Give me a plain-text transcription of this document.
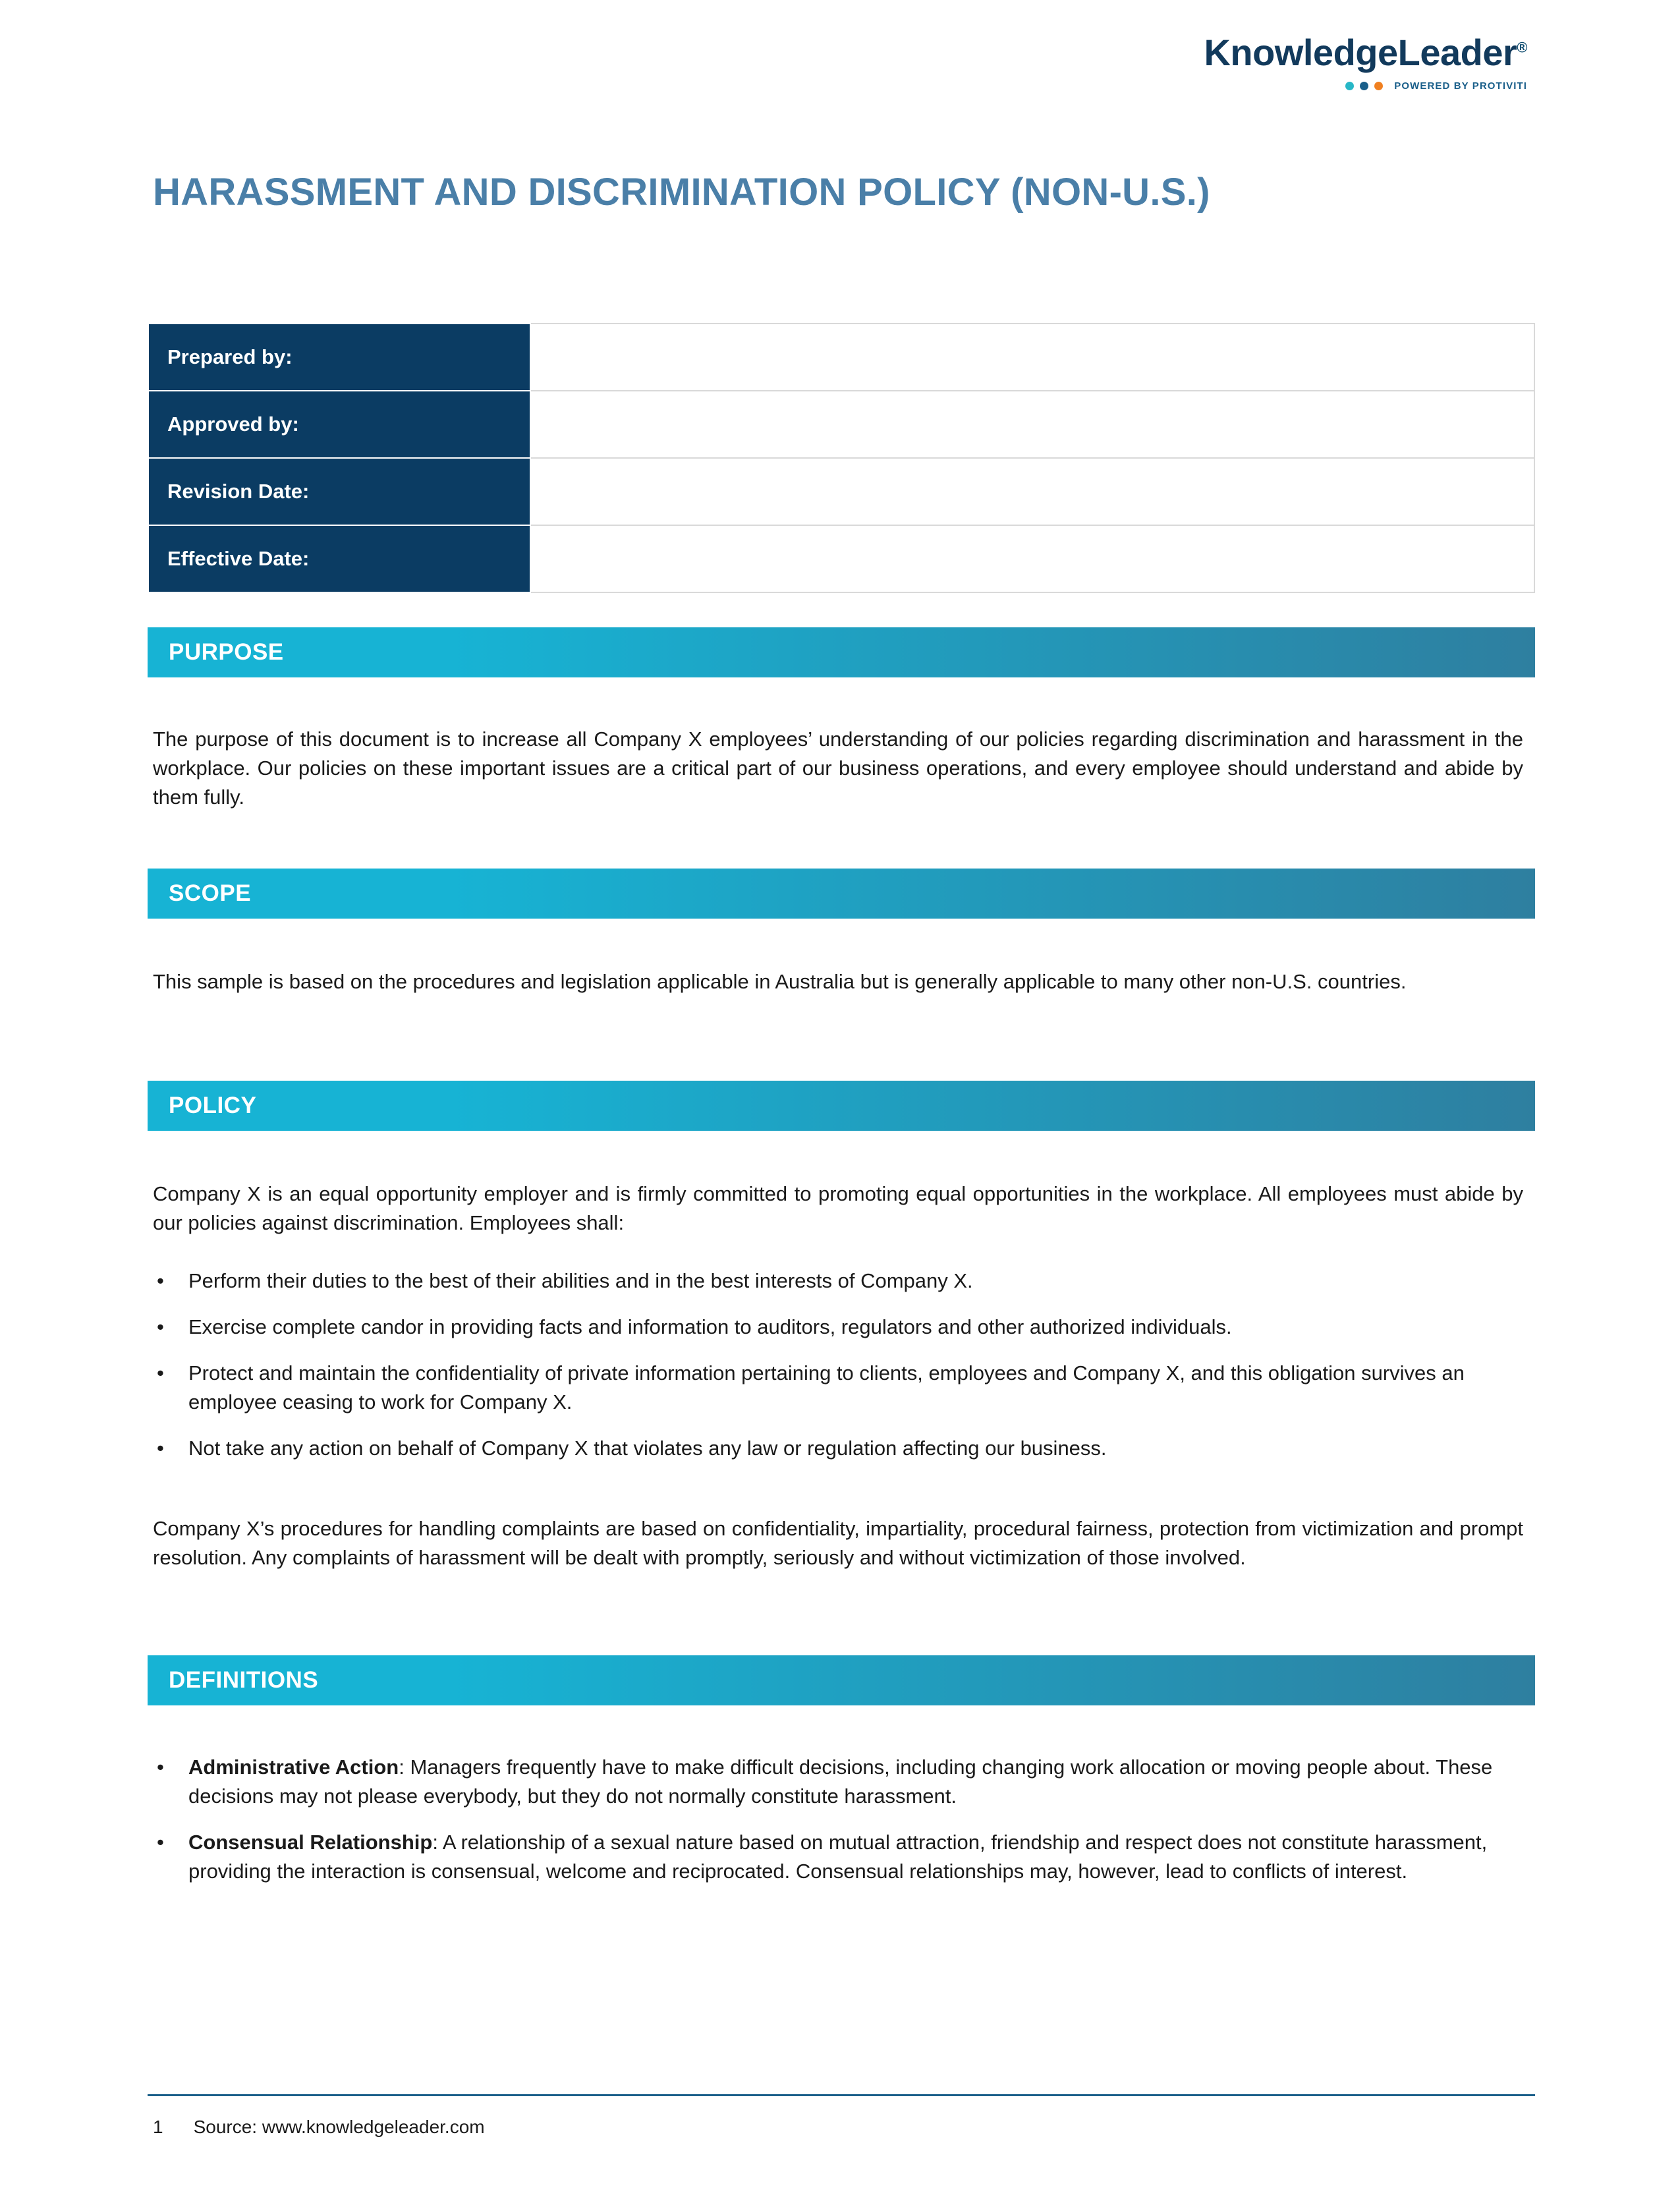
KnowledgeLeader®
POWERED BY PROTIVITI
HARASSMENT AND DISCRIMINATION POLICY (NON-U.S.)
Prepared by:	
Approved by:	
Revision Date:	
Effective Date:	
PURPOSE
The purpose of this document is to increase all Company X employees’ understanding of our policies regarding discrimination and harassment in the workplace. Our policies on these important issues are a critical part of our business operations, and every employee should understand and abide by them fully.
SCOPE
This sample is based on the procedures and legislation applicable in Australia but is generally applicable to many other non-U.S. countries.
POLICY
Company X is an equal opportunity employer and is firmly committed to promoting equal opportunities in the workplace. All employees must abide by our policies against discrimination. Employees shall:
•	Perform their duties to the best of their abilities and in the best interests of Company X.
•	Exercise complete candor in providing facts and information to auditors, regulators and other authorized individuals.
•	Protect and maintain the confidentiality of private information pertaining to clients, employees and Company X, and this obligation survives an employee ceasing to work for Company X.
•	Not take any action on behalf of Company X that violates any law or regulation affecting our business.
Company X’s procedures for handling complaints are based on confidentiality, impartiality, procedural fairness, protection from victimization and prompt resolution. Any complaints of harassment will be dealt with promptly, seriously and without victimization of those involved.
DEFINITIONS
•	Administrative Action: Managers frequently have to make difficult decisions, including changing work allocation or moving people about. These decisions may not please everybody, but they do not normally constitute harassment.
•	Consensual Relationship: A relationship of a sexual nature based on mutual attraction, friendship and respect does not constitute harassment, providing the interaction is consensual, welcome and reciprocated. Consensual relationships may, however, lead to conflicts of interest.
1 Source: www.knowledgeleader.com
